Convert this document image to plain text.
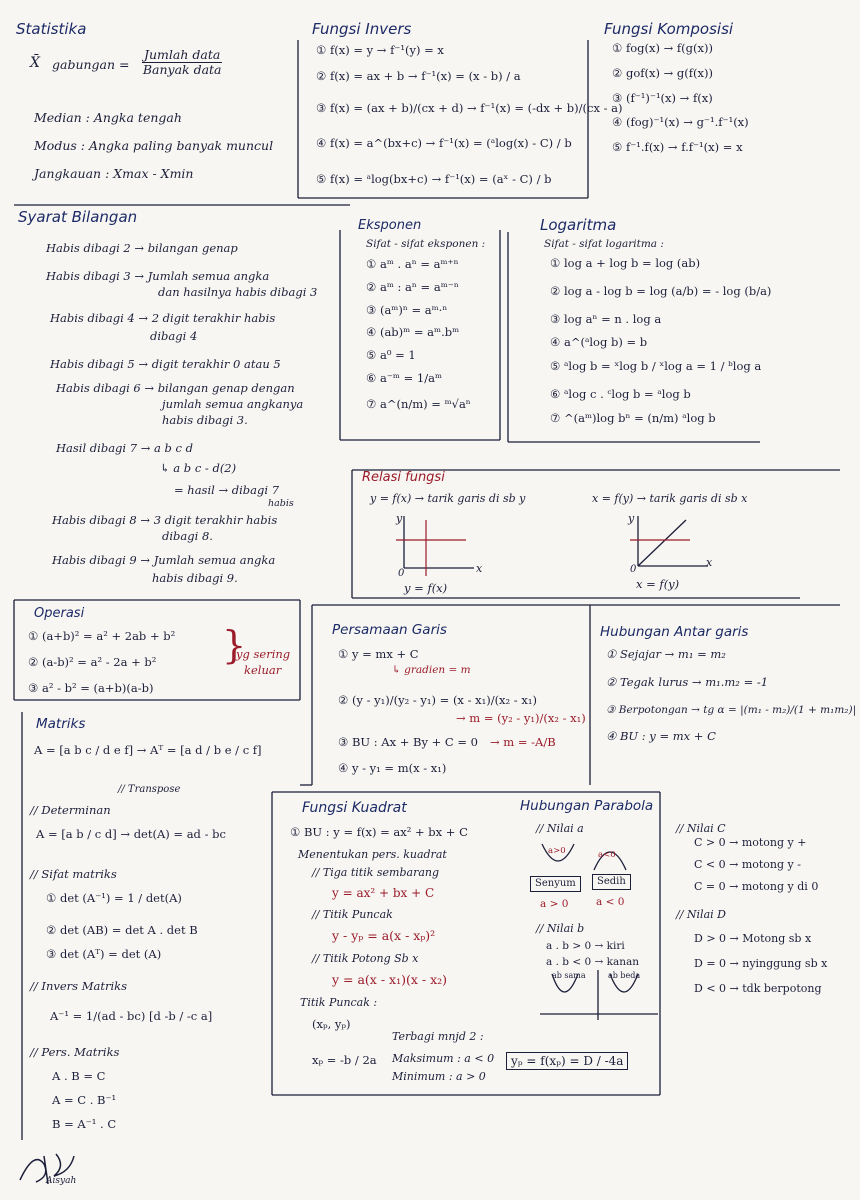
Statistika
X̄ gabungan = $\frac{\text{Jumlah data}}{\text{Banyak data}}$
Median : Angka tengah
Modus : Angka paling banyak muncul
Jangkauan : Xmax - Xmin
Fungsi Invers
① f(x) = y → f⁻¹(y) = x
② f(x) = ax + b → f⁻¹(x) = (x - b) / a
③ f(x) = (ax + b)/(cx + d) → f⁻¹(x) = (-dx + b)/(cx - a)
④ f(x) = a^(bx+c) → f⁻¹(x) = (ᵃlog(x) - C) / b
⑤ f(x) = ᵃlog(bx+c) → f⁻¹(x) = (aˣ - C) / b
Fungsi Komposisi
① fog(x) → f(g(x))
② gof(x) → g(f(x))
③ (f⁻¹)⁻¹(x) → f(x)
④ (fog)⁻¹(x) → g⁻¹.f⁻¹(x)
⑤ f⁻¹.f(x) → f.f⁻¹(x) = x
Syarat Bilangan
Habis dibagi 2 → bilangan genap
Habis dibagi 3 → Jumlah semua angka
dan hasilnya habis dibagi 3
Habis dibagi 4 → 2 digit terakhir habis
dibagi 4
Habis dibagi 5 → digit terakhir 0 atau 5
Habis dibagi 6 → bilangan genap dengan
jumlah semua angkanya
habis dibagi 3.
Hasil dibagi 7 → a b c d
↳ a b c - d(2)
= hasil → dibagi 7
habis
Habis dibagi 8 → 3 digit terakhir habis
dibagi 8.
Habis dibagi 9 → Jumlah semua angka
habis dibagi 9.
Eksponen
Sifat - sifat eksponen :
① aᵐ . aⁿ = aᵐ⁺ⁿ
② aᵐ : aⁿ = aᵐ⁻ⁿ
③ (aᵐ)ⁿ = aᵐ·ⁿ
④ (ab)ᵐ = aᵐ.bᵐ
⑤ a⁰ = 1
⑥ a⁻ᵐ = 1/aᵐ
⑦ a^(n/m) = ᵐ√aⁿ
Logaritma
Sifat - sifat logaritma :
① log a + log b = log (ab)
② log a - log b = log (a/b) = - log (b/a)
③ log aⁿ = n . log a
④ a^(ᵃlog b) = b
⑤ ᵃlog b = ˣlog b / ˣlog a = 1 / ᵇlog a
⑥ ᵃlog c . ᶜlog b = ᵃlog b
⑦ ^(aᵐ)log bⁿ = (n/m) ᵃlog b
Relasi fungsi
y = f(x) → tarik garis di sb y	x = f(y) → tarik garis di sb x
y
x
0
y = f(x)
y
x
0
x = f(y)
Operasi
① (a+b)² = a² + 2ab + b²
② (a-b)² = a² - 2a + b²
③ a² - b² = (a+b)(a-b)
}
yg sering
keluar
Persamaan Garis
① y = mx + C
↳ gradien = m
② (y - y₁)/(y₂ - y₁) = (x - x₁)/(x₂ - x₁)
→ m = (y₂ - y₁)/(x₂ - x₁)
③ BU : Ax + By + C = 0 → m = -A/B
④ y - y₁ = m(x - x₁)
Hubungan Antar garis
① Sejajar → m₁ = m₂
② Tegak lurus → m₁.m₂ = -1
③ Berpotongan → tg α = |(m₁ - m₂)/(1 + m₁m₂)|
④ BU : y = mx + C
Matriks
A = [a b c / d e f] → Aᵀ = [a d / b e / c f]
// Transpose
// Determinan
A = [a b / c d] → det(A) = ad - bc
// Sifat matriks
① det (A⁻¹) = 1 / det(A)
② det (AB) = det A . det B
③ det (Aᵀ) = det (A)
// Invers Matriks
A⁻¹ = 1/(ad - bc) [d -b / -c a]
// Pers. Matriks
A . B = C
A = C . B⁻¹
B = A⁻¹ . C
Fungsi Kuadrat
① BU : y = f(x) = ax² + bx + C
Menentukan pers. kuadrat
// Tiga titik sembarang
y = ax² + bx + C
// Titik Puncak
y - yₚ = a(x - xₚ)²
// Titik Potong Sb x
y = a(x - x₁)(x - x₂)
Titik Puncak :
(xₚ, yₚ)
Terbagi mnjd 2 :
xₚ = -b / 2a Maksimum : a < 0
Minimum : a > 0
yₚ = f(xₚ) = D / -4a
Hubungan Parabola
// Nilai a
a>0	a<0
Senyum	Sedih
a > 0	a < 0
// Nilai b
a . b > 0 → kiri
a . b < 0 → kanan
ab sama	ab beda
// Nilai C
C > 0 → motong y +
C < 0 → motong y -
C = 0 → motong y di 0
// Nilai D
D > 0 → Motong sb x
D = 0 → nyinggung sb x
D < 0 → tdk berpotong
Aisyah
